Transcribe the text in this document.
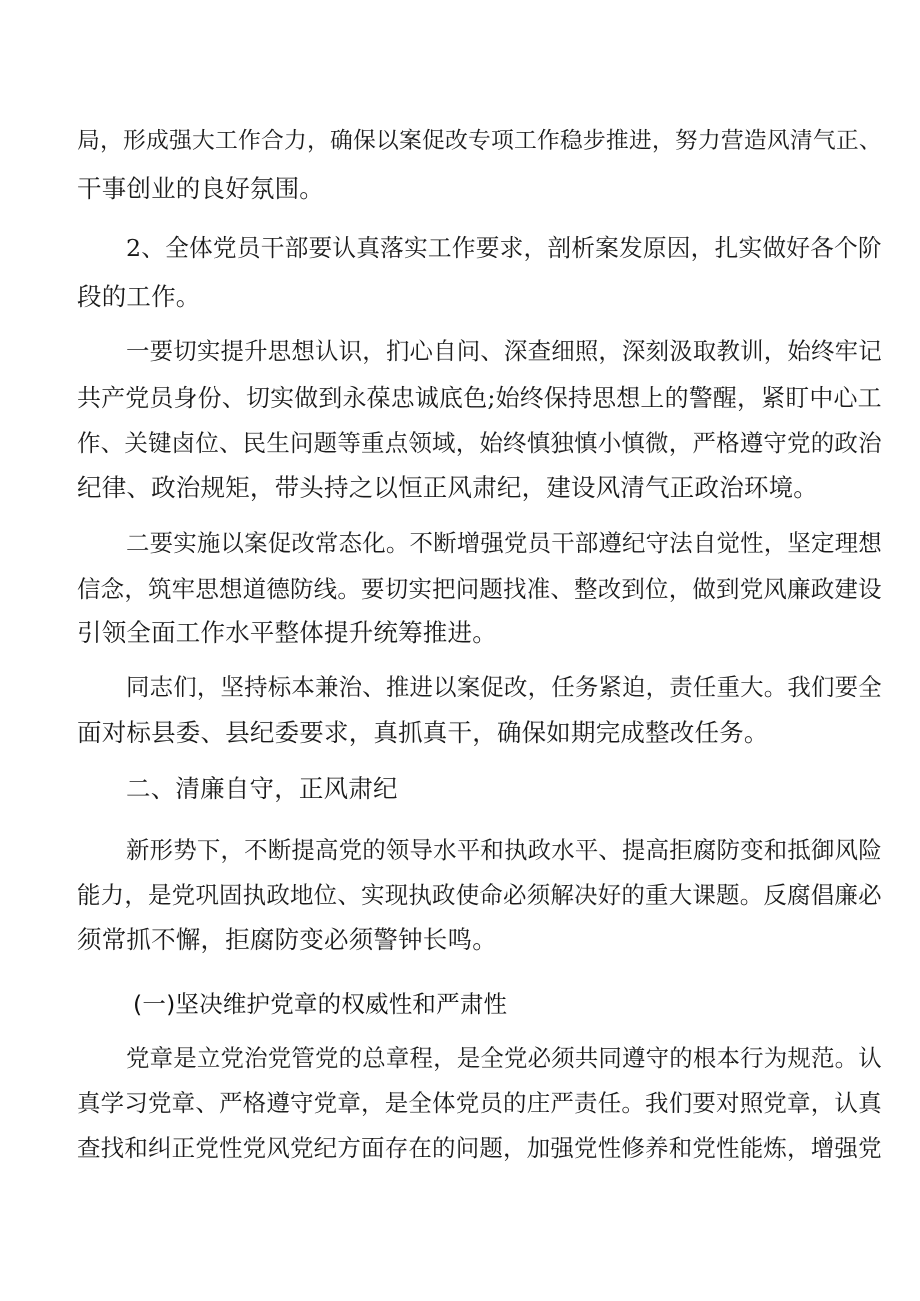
局，形成强大工作合力，确保以案促改专项工作稳步推进，努力营造风清气正、
干事创业的良好氛围。
2、全体党员干部要认真落实工作要求，剖析案发原因，扎实做好各个阶
段的工作。
一要切实提升思想认识，扪心自问、深查细照，深刻汲取教训，始终牢记
共产党员身份、切实做到永葆忠诚底色;始终保持思想上的警醒，紧盯中心工
作、关键卤位、民生问题等重点领域，始终慎独慎小慎微，严格遵守党的政治
纪律、政治规矩，带头持之以恒正风肃纪，建设风清气正政治环境。
二要实施以案促改常态化。不断增强党员干部遵纪守法自觉性，坚定理想
信念，筑牢思想道德防线。要切实把问题找准、整改到位，做到党风廉政建设
引领全面工作水平整体提升统筹推进。
同志们，坚持标本兼治、推进以案促改，任务紧迫，责任重大。我们要全
面对标县委、县纪委要求，真抓真干，确保如期完成整改任务。
二、清廉自守，正风肃纪
新形势下，不断提高党的领导水平和执政水平、提高拒腐防变和抵御风险
能力，是党巩固执政地位、实现执政使命必须解决好的重大课题。反腐倡廉必
须常抓不懈，拒腐防变必须警钟长鸣。
(一)坚决维护党章的权威性和严肃性
党章是立党治党管党的总章程，是全党必须共同遵守的根本行为规范。认
真学习党章、严格遵守党章，是全体党员的庄严责任。我们要对照党章，认真
查找和纠正党性党风党纪方面存在的问题，加强党性修养和党性能炼，增强党
